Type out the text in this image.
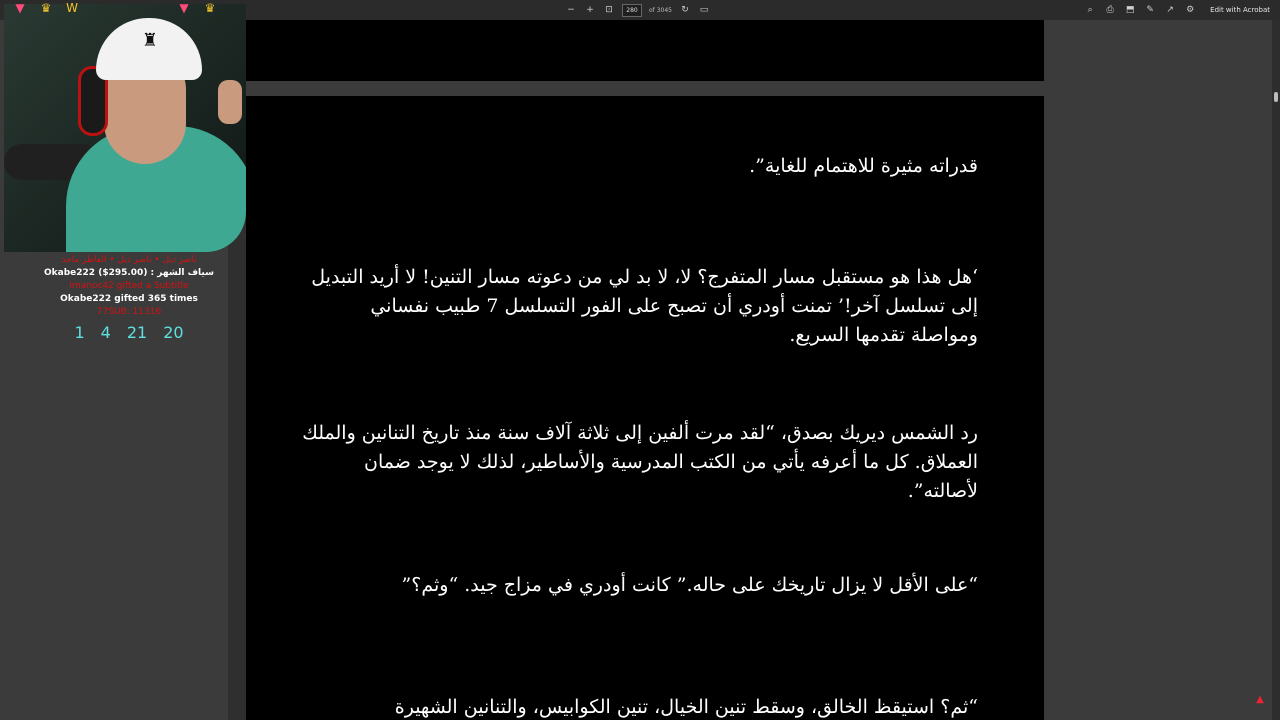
− + ⊡	280	of 3045 ↻ ▭	⌕	⎙ ⬒ ✎ ↗ ⚙ Edit with Acrobat

قدراته مثيرة للاهتمام للغاية”.

‘هل هذا هو مستقبل مسار المتفرج؟ لا، لا بد لي من دعوته مسار التنين! لا أريد التبديل إلى تسلسل آخر!’ تمنت أودري أن تصبح على الفور التسلسل 7 طبيب نفساني ومواصلة تقدمها السريع.

رد الشمس ديريك بصدق، “لقد مرت ألفين إلى ثلاثة آلاف سنة منذ تاريخ التنانين والملك العملاق. كل ما أعرفه يأتي من الكتب المدرسية والأساطير، لذلك لا يوجد ضمان لأصالته”.

“على الأقل لا يزال تاريخك على حاله.” كانت أودري في مزاج جيد. “وثم؟”

“ثم؟ استيقظ الخالق، وسقط تنين الخيال، تنين الكوابيس، والتنانين الشهيرة	▲
♜
▼	♛	W	▼	♛
ناصر ديل • ناصر ديل • العاطر ماجد
Okabe222 ($295.00) : سياف الشهر
Imanoc42 gifted a Subtitle
Okabe222 gifted 365 times
77SUB: 11316
1 4 21 20
